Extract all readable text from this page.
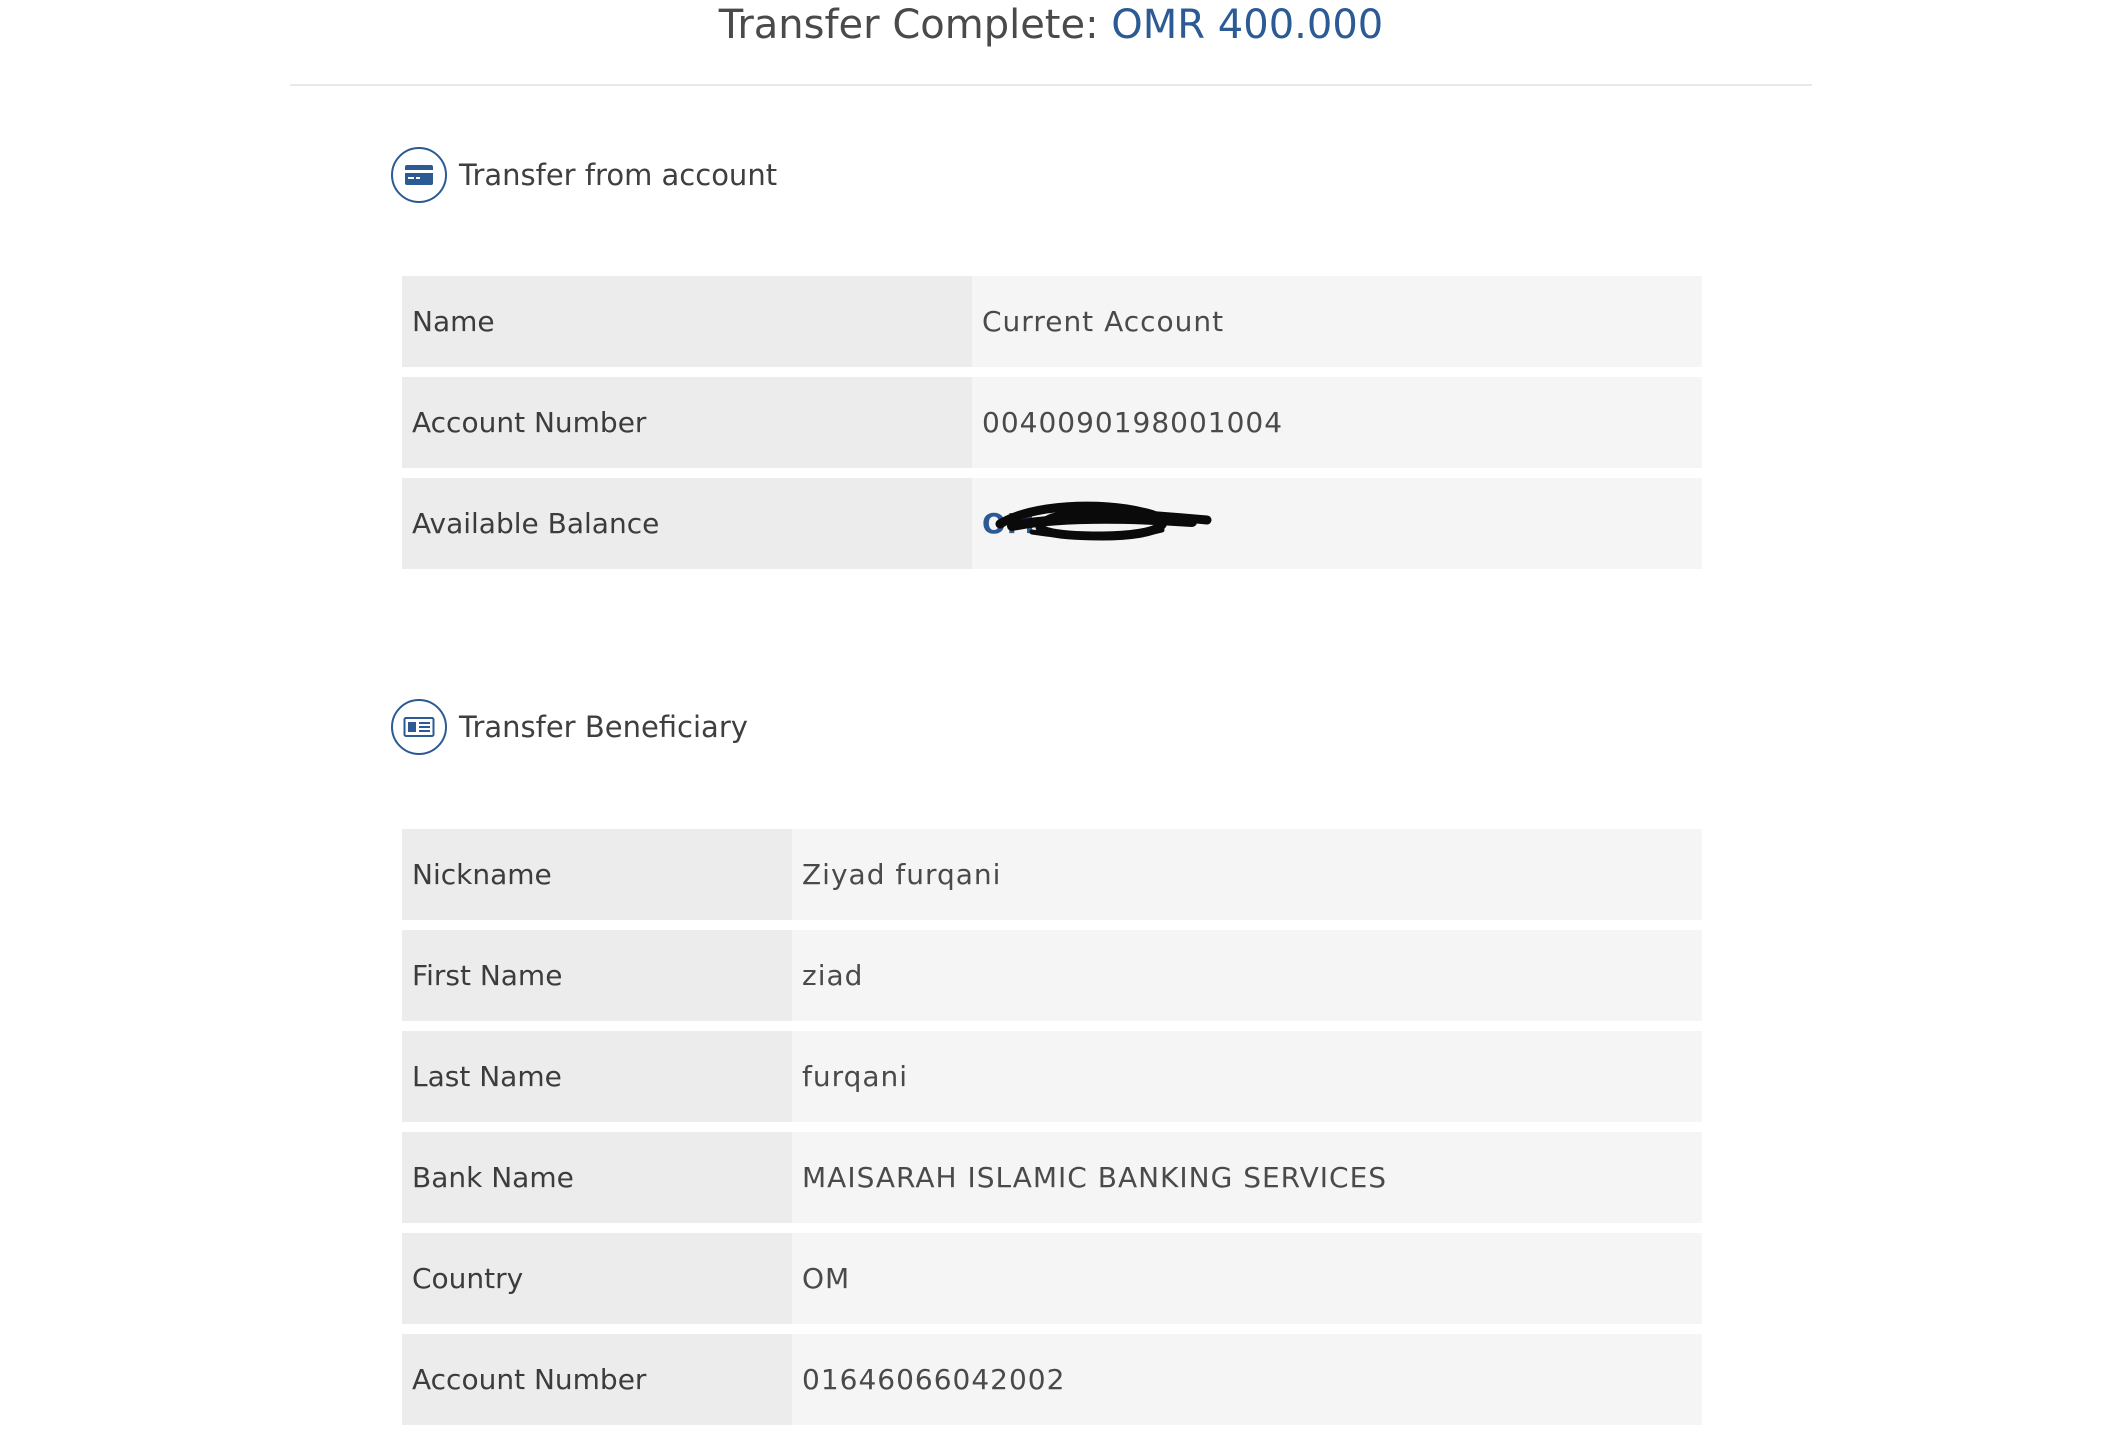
Transfer Complete: OMR 400.000
Transfer from account
Name	Current Account
Account Number	0040090198001004
Available Balance	OM
Transfer Beneficiary
Nickname	Ziyad furqani
First Name	ziad
Last Name	furqani
Bank Name	MAISARAH ISLAMIC BANKING SERVICES
Country	OM
Account Number	01646066042002
